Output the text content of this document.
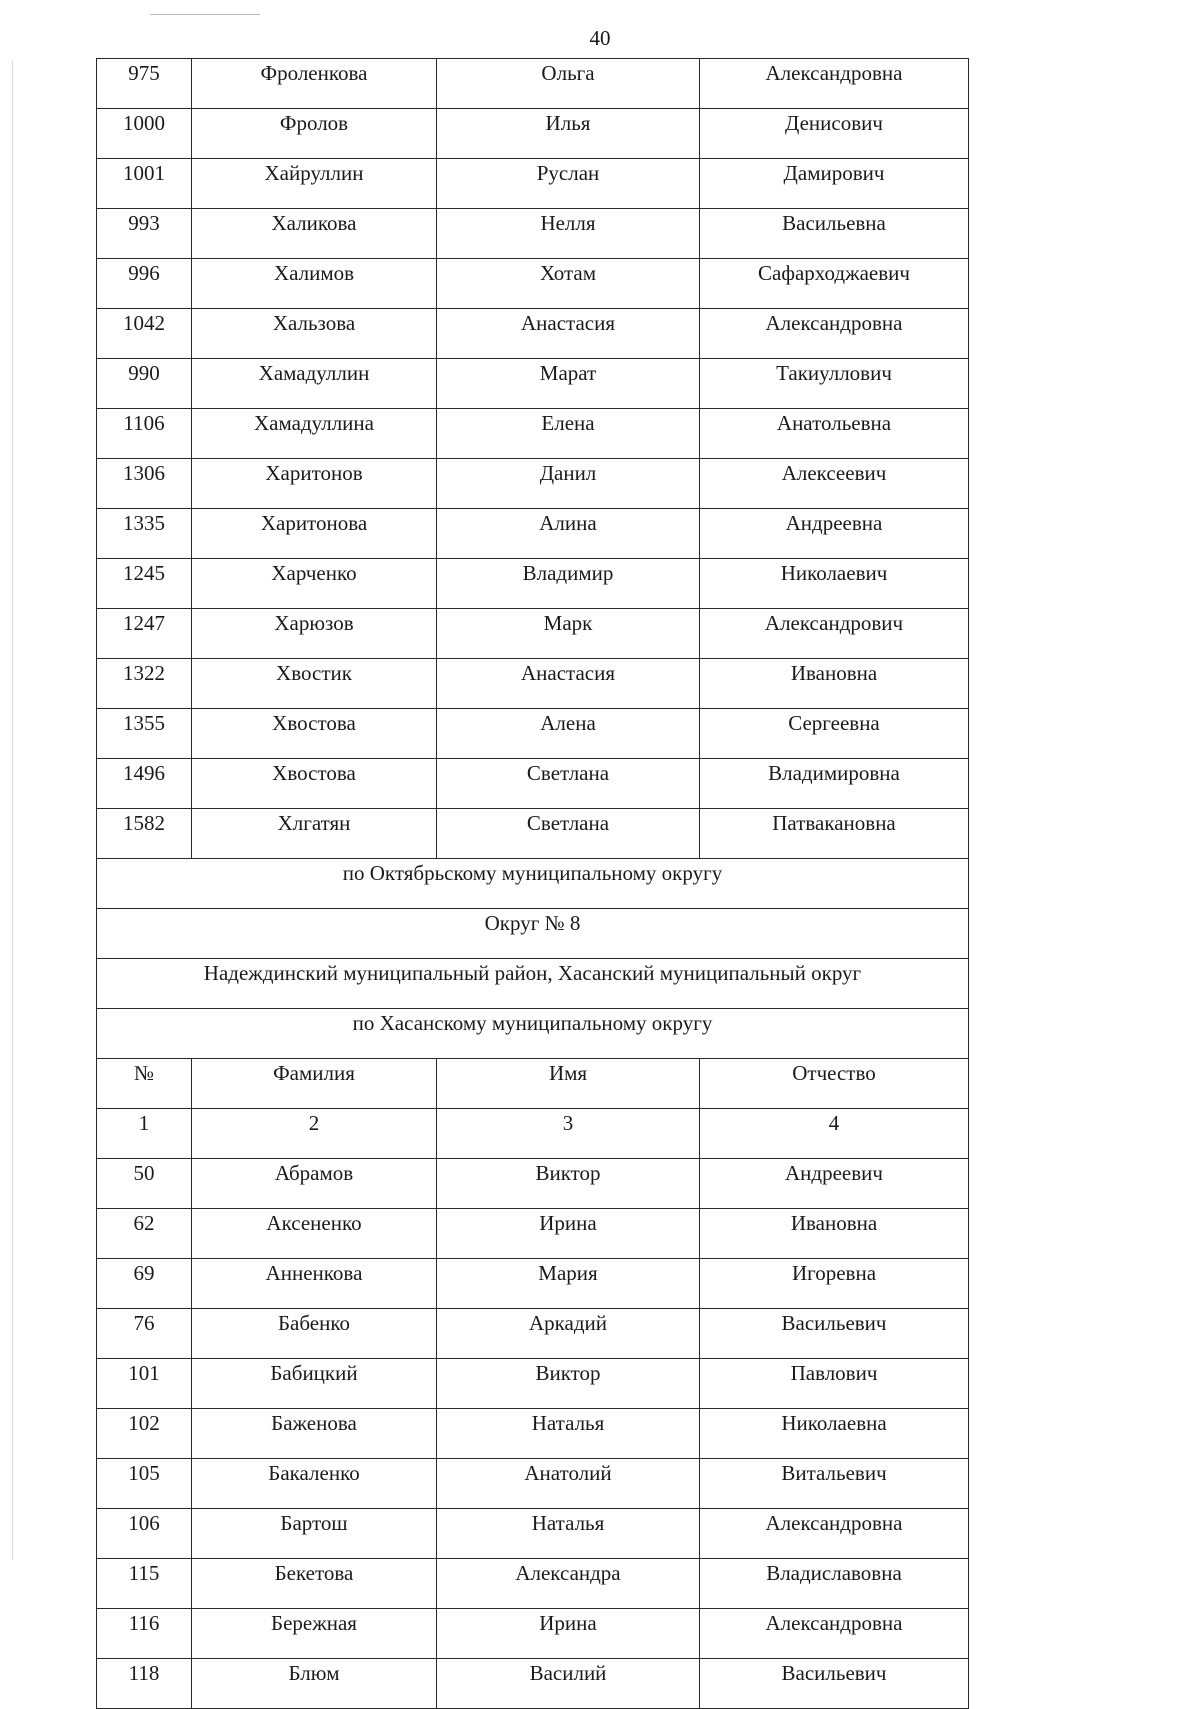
40
975	Фроленкова	Ольга	Александровна
1000	Фролов	Илья	Денисович
1001	Хайруллин	Руслан	Дамирович
993	Халикова	Нелля	Васильевна
996	Халимов	Хотам	Сафарходжаевич
1042	Хальзова	Анастасия	Александровна
990	Хамадуллин	Марат	Такиуллович
1106	Хамадуллина	Елена	Анатольевна
1306	Харитонов	Данил	Алексеевич
1335	Харитонова	Алина	Андреевна
1245	Харченко	Владимир	Николаевич
1247	Харюзов	Марк	Александрович
1322	Хвостик	Анастасия	Ивановна
1355	Хвостова	Алена	Сергеевна
1496	Хвостова	Светлана	Владимировна
1582	Хлгатян	Светлана	Патвакановна
по Октябрьскому муниципальному округу			
Округ № 8			
Надеждинский муниципальный район, Хасанский муниципальный округ			
по Хасанскому муниципальному округу			
№	Фамилия	Имя	Отчество
1	2	3	4
50	Абрамов	Виктор	Андреевич
62	Аксененко	Ирина	Ивановна
69	Анненкова	Мария	Игоревна
76	Бабенко	Аркадий	Васильевич
101	Бабицкий	Виктор	Павлович
102	Баженова	Наталья	Николаевна
105	Бакаленко	Анатолий	Витальевич
106	Бартош	Наталья	Александровна
115	Бекетова	Александра	Владиславовна
116	Бережная	Ирина	Александровна
118	Блюм	Василий	Васильевич
